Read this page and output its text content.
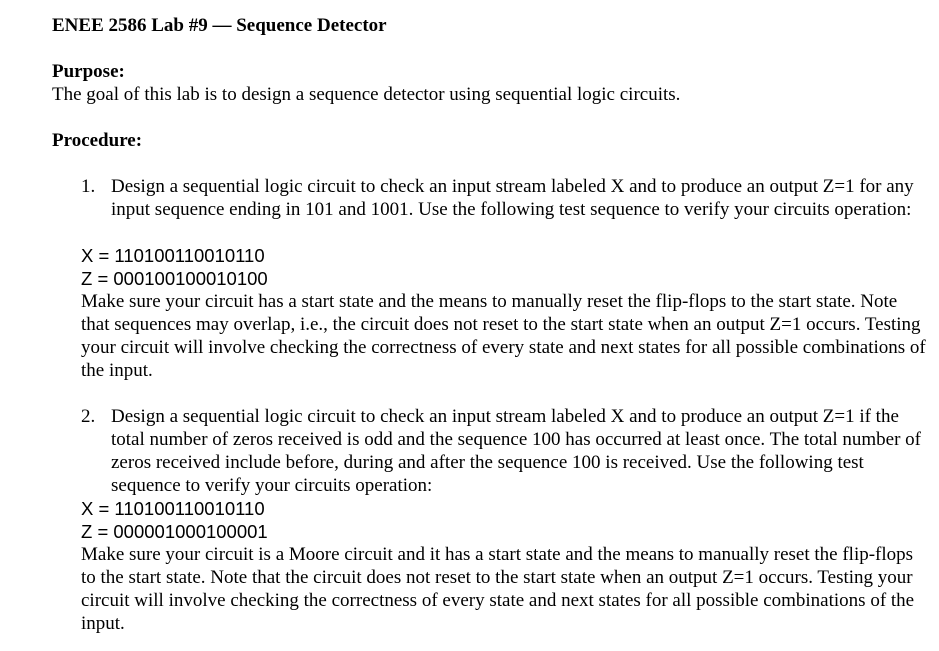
ENEE 2586 Lab #9 — Sequence Detector
Purpose:
The goal of this lab is to design a sequence detector using sequential logic circuits.
Procedure:
1. Design a sequential logic circuit to check an input stream labeled X and to produce an output Z=1 for any input sequence ending in 101 and 1001. Use the following test sequence to verify your circuits operation:
X = 110100110010110
Z = 000100100010100
Make sure your circuit has a start state and the means to manually reset the flip-flops to the start state. Note that sequences may overlap, i.e., the circuit does not reset to the start state when an output Z=1 occurs. Testing your circuit will involve checking the correctness of every state and next states for all possible combinations of the input.
2. Design a sequential logic circuit to check an input stream labeled X and to produce an output Z=1 if the total number of zeros received is odd and the sequence 100 has occurred at least once. The total number of zeros received include before, during and after the sequence 100 is received. Use the following test sequence to verify your circuits operation:
X = 110100110010110
Z = 000001000100001
Make sure your circuit is a Moore circuit and it has a start state and the means to manually reset the flip-flops to the start state. Note that the circuit does not reset to the start state when an output Z=1 occurs. Testing your circuit will involve checking the correctness of every state and next states for all possible combinations of the input.
